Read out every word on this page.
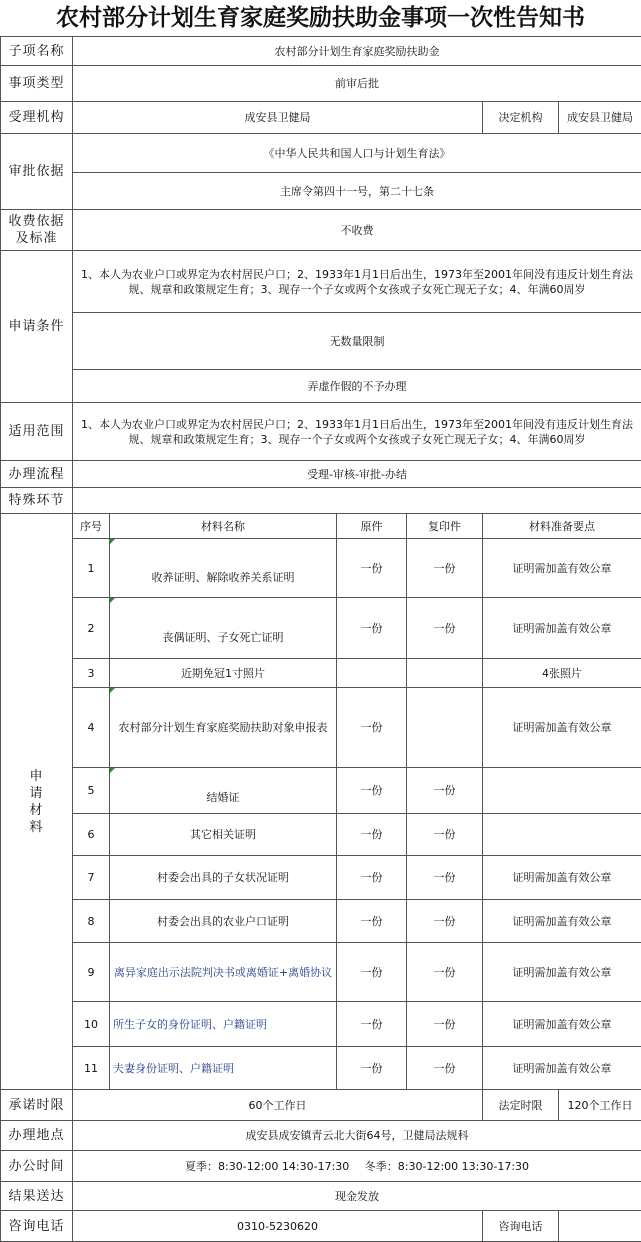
农村部分计划生育家庭奖励扶助金事项一次性告知书
子项名称	农村部分计划生育家庭奖励扶助金					
事项类型	前审后批					
受理机构	成安县卫健局				决定机构	成安县卫健局
审批依据	《中华人民共和国人口与计划生育法》					
	主席令第四十一号，第二十七条					
收费依据及标准	不收费					
申请条件	1、本人为农业户口或界定为农村居民户口；2、1933年1月1日后出生，1973年至2001年间没有违反计划生育法规、规章和政策规定生育；3、现存一个子女或两个女孩或子女死亡现无子女；4、年满60周岁					
	无数量限制					
	弄虚作假的不予办理					
适用范围	1、本人为农业户口或界定为农村居民户口；2、1933年1月1日后出生，1973年至2001年间没有违反计划生育法规、规章和政策规定生育；3、现存一个子女或两个女孩或子女死亡现无子女；4、年满60周岁					
办理流程	受理-审核-审批-办结					
特殊环节						
申请材料	序号	材料名称	原件	复印件	材料准备要点	
	1	收养证明、解除收养关系证明	一份	一份	证明需加盖有效公章	
	2	丧偶证明、子女死亡证明	一份	一份	证明需加盖有效公章	
	3	近期免冠1寸照片			4张照片	
	4	农村部分计划生育家庭奖励扶助对象申报表	一份		证明需加盖有效公章	
	5	结婚证	一份	一份		
	6	其它相关证明	一份	一份		
	7	村委会出具的子女状况证明	一份	一份	证明需加盖有效公章	
	8	村委会出具的农业户口证明	一份	一份	证明需加盖有效公章	
	9	离异家庭出示法院判决书或离婚证+离婚协议	一份	一份	证明需加盖有效公章	
	10	所生子女的身份证明、户籍证明	一份	一份	证明需加盖有效公章	
	11	夫妻身份证明、户籍证明	一份	一份	证明需加盖有效公章	
承诺时限	60个工作日				法定时限	120个工作日
办理地点	成安县成安镇青云北大街64号，卫健局法规科					
办公时间	夏季：8:30-12:00 14:30-17:30 冬季：8:30-12:00 13:30-17:30					
结果送达	现金发放					
咨询电话	0310-5230620				咨询电话	
